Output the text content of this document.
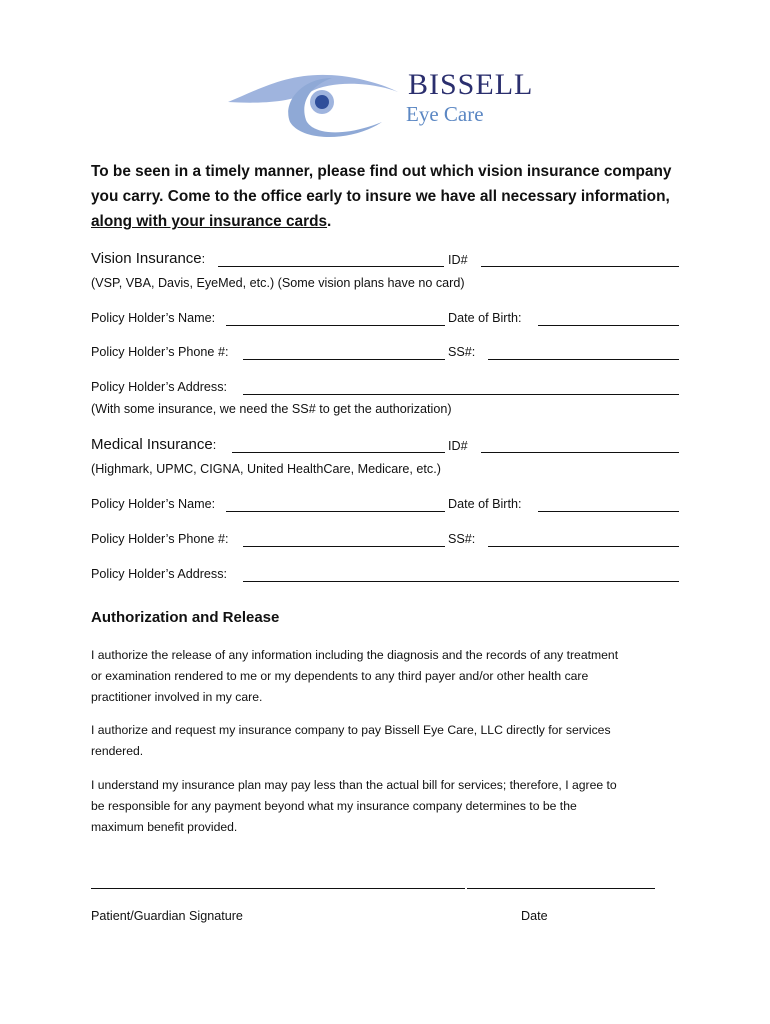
BISSELL
Eye Care
To be seen in a timely manner, please find out which vision insurance company
you carry. Come to the office early to insure we have all necessary information,
along with your insurance cards.
Vision Insurance:	ID#
(VSP, VBA, Davis, EyeMed, etc.) (Some vision plans have no card)
Policy Holder’s Name:	Date of Birth:
Policy Holder’s Phone #:	SS#:
Policy Holder’s Address:
(With some insurance, we need the SS# to get the authorization)
Medical Insurance:	ID#
(Highmark, UPMC, CIGNA, United HealthCare, Medicare, etc.)
Policy Holder’s Name:	Date of Birth:
Policy Holder’s Phone #:	SS#:
Policy Holder’s Address:
Authorization and Release
I authorize the release of any information including the diagnosis and the records of any treatment
or examination rendered to me or my dependents to any third payer and/or other health care
practitioner involved in my care.
I authorize and request my insurance company to pay Bissell Eye Care, LLC directly for services
rendered.
I understand my insurance plan may pay less than the actual bill for services; therefore, I agree to
be responsible for any payment beyond what my insurance company determines to be the
maximum benefit provided.
Patient/Guardian Signature	Date
